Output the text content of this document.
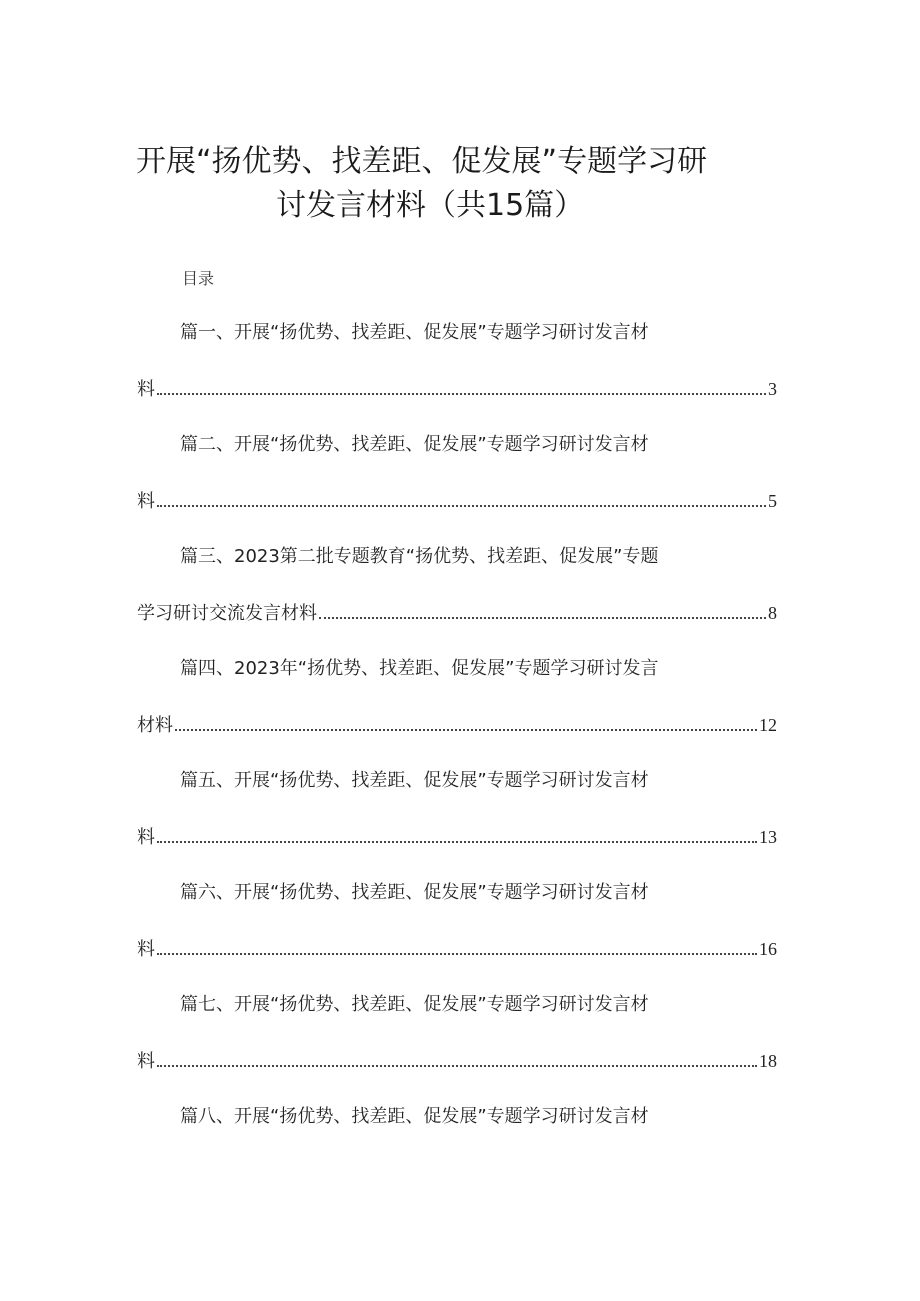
开展“扬优势、找差距、促发展”专题学习研
讨发言材料（共15篇）
目录
篇一、开展“扬优势、找差距、促发展”专题学习研讨发言材
料	3
篇二、开展“扬优势、找差距、促发展”专题学习研讨发言材
料	5
篇三、2023第二批专题教育“扬优势、找差距、促发展”专题
学习研讨交流发言材料	8
篇四、2023年“扬优势、找差距、促发展”专题学习研讨发言
材料	12
篇五、开展“扬优势、找差距、促发展”专题学习研讨发言材
料	13
篇六、开展“扬优势、找差距、促发展”专题学习研讨发言材
料	16
篇七、开展“扬优势、找差距、促发展”专题学习研讨发言材
料	18
篇八、开展“扬优势、找差距、促发展”专题学习研讨发言材
